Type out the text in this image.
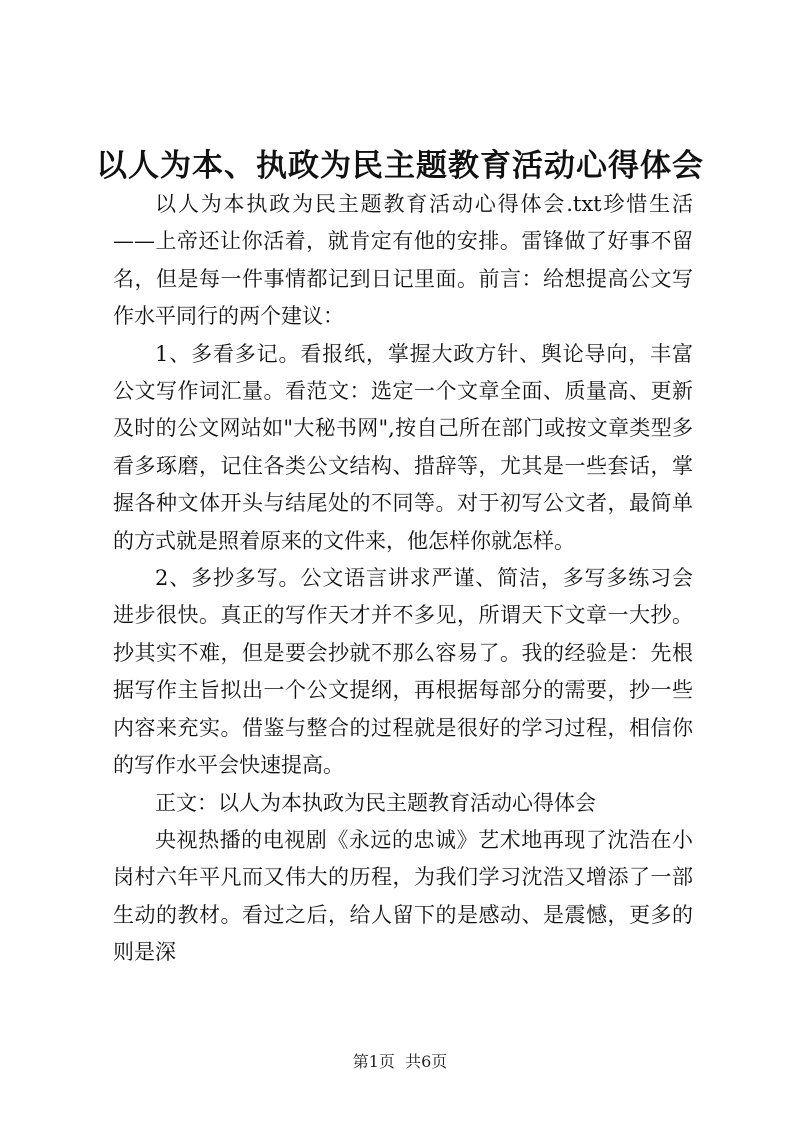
以人为本、执政为民主题教育活动心得体会

以人为本执政为民主题教育活动心得体会.txt珍惜生活——上帝还让你活着，就肯定有他的安排。雷锋做了好事不留名，但是每一件事情都记到日记里面。前言：给想提高公文写作水平同行的两个建议：

1、多看多记。看报纸，掌握大政方针、舆论导向，丰富公文写作词汇量。看范文：选定一个文章全面、质量高、更新及时的公文网站如"大秘书网",按自己所在部门或按文章类型多看多琢磨，记住各类公文结构、措辞等，尤其是一些套话，掌握各种文体开头与结尾处的不同等。对于初写公文者，最简单的方式就是照着原来的文件来，他怎样你就怎样。

2、多抄多写。公文语言讲求严谨、简洁，多写多练习会进步很快。真正的写作天才并不多见，所谓天下文章一大抄。抄其实不难，但是要会抄就不那么容易了。我的经验是：先根据写作主旨拟出一个公文提纲，再根据每部分的需要，抄一些内容来充实。借鉴与整合的过程就是很好的学习过程，相信你的写作水平会快速提高。

正文：以人为本执政为民主题教育活动心得体会

央视热播的电视剧《永远的忠诚》艺术地再现了沈浩在小岗村六年平凡而又伟大的历程，为我们学习沈浩又增添了一部生动的教材。看过之后，给人留下的是感动、是震憾，更多的则是深

第1页 共6页
